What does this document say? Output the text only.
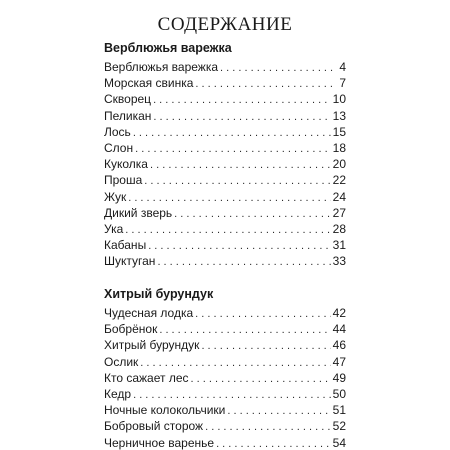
СОДЕРЖАНИЕ
Верблюжья варежка
Верблюжья варежка . . .	4
Морская свинка . . .	7
Скворец . . .	10
Пеликан . . .	13
Лось . . .	15
Слон . . .	18
Куколка . . .	20
Проша . . .	22
Жук . . .	24
Дикий зверь . . .	27
Ука . . .	28
Кабаны . . .	31
Шуктуган . . .	33
Хитрый бурундук
Чудесная лодка . . .	42
Бобрёнок . . .	44
Хитрый бурундук . . .	46
Ослик . . .	47
Кто сажает лес . . .	49
Кедр . . .	50
Ночные колокольчики . . .	51
Бобровый сторож . . .	52
Черничное варенье . . .	54
